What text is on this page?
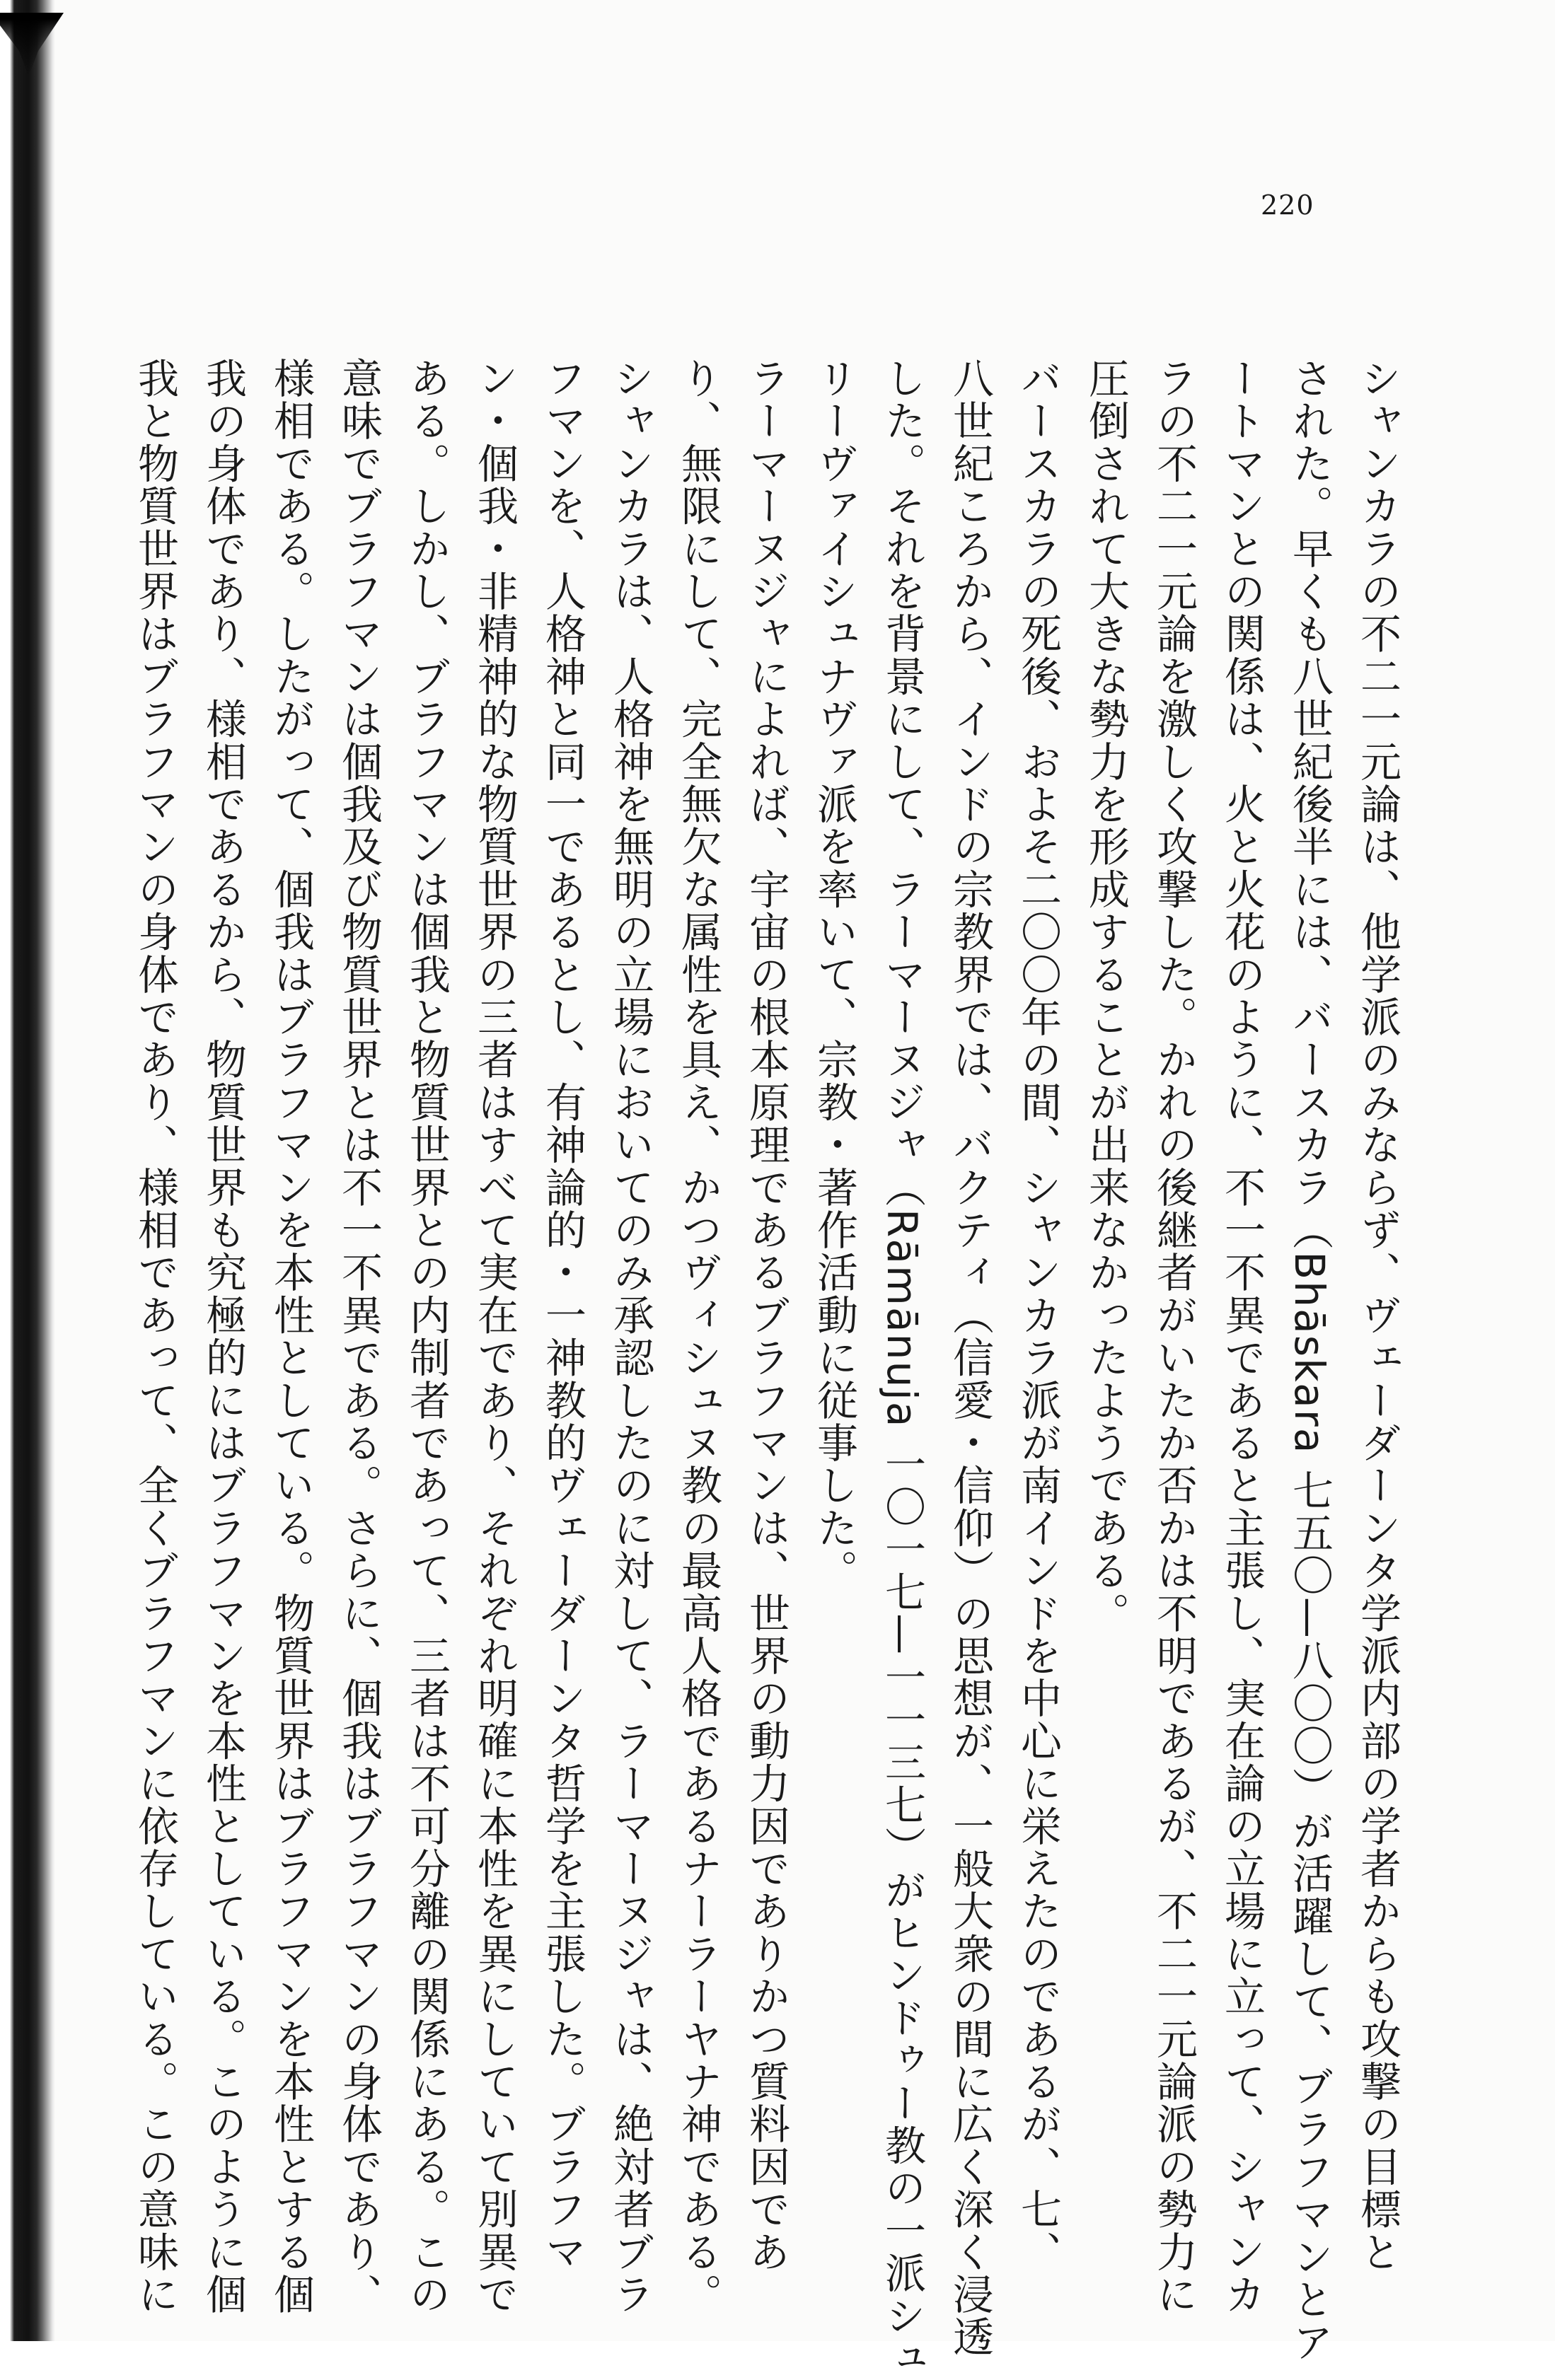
220

シャンカラの不二一元論は、他学派のみならず、ヴェーダーンタ学派内部の学者からも攻撃の目標と
された。早くも八世紀後半には、バースカラ（Bhāskara 七五〇—八〇〇）が活躍して、ブラフマンとア
ートマンとの関係は、火と火花のように、不一不異であると主張し、実在論の立場に立って、シャンカ
ラの不二一元論を激しく攻撃した。かれの後継者がいたか否かは不明であるが、不二一元論派の勢力に
圧倒されて大きな勢力を形成することが出来なかったようである。

バースカラの死後、およそ二〇〇年の間、シャンカラ派が南インドを中心に栄えたのであるが、七、
八世紀ころから、インドの宗教界では、バクティ（信愛・信仰）の思想が、一般大衆の間に広く深く浸透
した。それを背景にして、ラーマーヌジャ（Rāmānuja 一〇一七—一一三七）がヒンドゥー教の一派シュ
リーヴァイシュナヴァ派を率いて、宗教・著作活動に従事した。

ラーマーヌジャによれば、宇宙の根本原理であるブラフマンは、世界の動力因でありかつ質料因であ
り、無限にして、完全無欠な属性を具え、かつヴィシュヌ教の最高人格であるナーラーヤナ神である。
シャンカラは、人格神を無明の立場においてのみ承認したのに対して、ラーマーヌジャは、絶対者ブラ
フマンを、人格神と同一であるとし、有神論的・一神教的ヴェーダーンタ哲学を主張した。ブラフマ
ン・個我・非精神的な物質世界の三者はすべて実在であり、それぞれ明確に本性を異にしていて別異で
ある。しかし、ブラフマンは個我と物質世界との内制者であって、三者は不可分離の関係にある。この
意味でブラフマンは個我及び物質世界とは不一不異である。さらに、個我はブラフマンの身体であり、
様相である。したがって、個我はブラフマンを本性としている。物質世界はブラフマンを本性とする個
我の身体であり、様相であるから、物質世界も究極的にはブラフマンを本性としている。このように個
我と物質世界はブラフマンの身体であり、様相であって、全くブラフマンに依存している。この意味に
